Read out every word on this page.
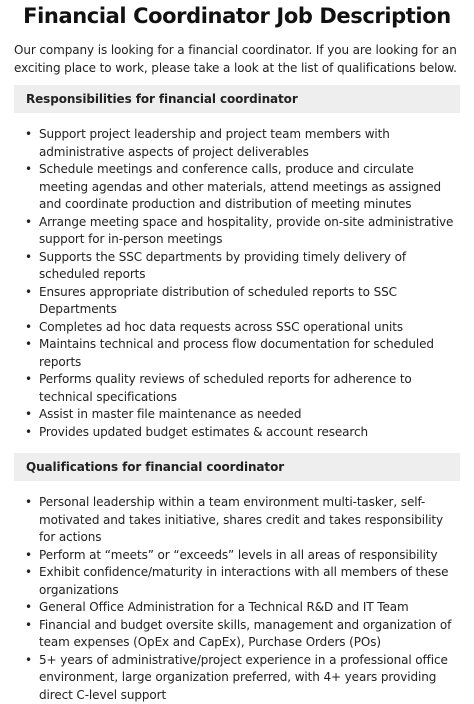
Financial Coordinator Job Description

Our company is looking for a financial coordinator. If you are looking for an exciting place to work, please take a look at the list of qualifications below.

Responsibilities for financial coordinator
• Support project leadership and project team members with administrative aspects of project deliverables
• Schedule meetings and conference calls, produce and circulate meeting agendas and other materials, attend meetings as assigned and coordinate production and distribution of meeting minutes
• Arrange meeting space and hospitality, provide on-site administrative support for in-person meetings
• Supports the SSC departments by providing timely delivery of scheduled reports
• Ensures appropriate distribution of scheduled reports to SSC Departments
• Completes ad hoc data requests across SSC operational units
• Maintains technical and process flow documentation for scheduled reports
• Performs quality reviews of scheduled reports for adherence to technical specifications
• Assist in master file maintenance as needed
• Provides updated budget estimates & account research
Qualifications for financial coordinator
• Personal leadership within a team environment multi-tasker, self-motivated and takes initiative, shares credit and takes responsibility for actions
• Perform at “meets” or “exceeds” levels in all areas of responsibility
• Exhibit confidence/maturity in interactions with all members of these organizations
• General Office Administration for a Technical R&D and IT Team
• Financial and budget oversite skills, management and organization of team expenses (OpEx and CapEx), Purchase Orders (POs)
• 5+ years of administrative/project experience in a professional office environment, large organization preferred, with 4+ years providing direct C-level support
